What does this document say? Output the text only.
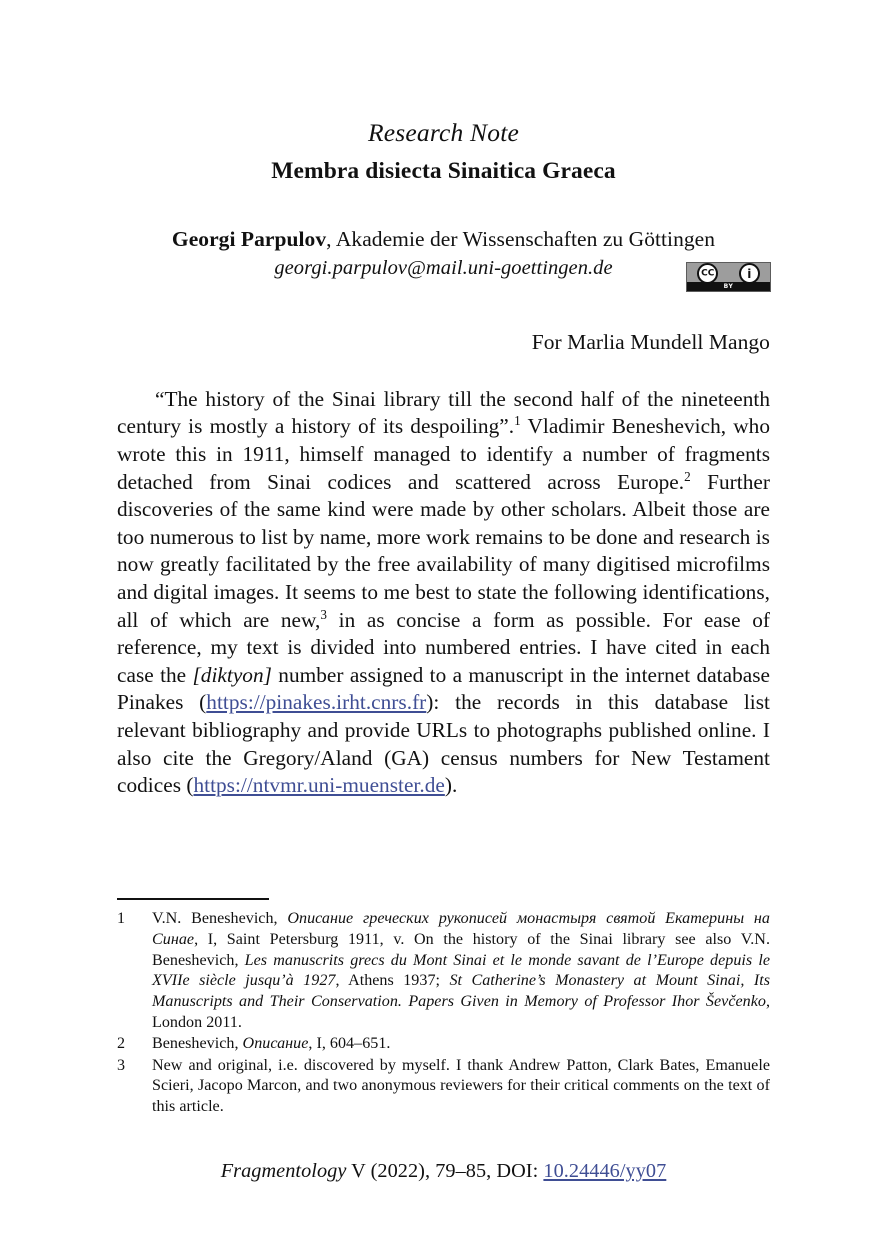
Research Note
Membra disiecta Sinaitica Graeca
Georgi Parpulov, Akademie der Wissenschaften zu Göttingen
georgi.parpulov@mail.uni-goettingen.de	CC	i
BY
For Marlia Mundell Mango

“The history of the Sinai library till the second half of the nineteenth century is mostly a history of its despoiling”.$^1$ Vladimir Beneshevich, who wrote this in 1911, himself managed to identify a number of fragments detached from Sinai codices and scattered across Europe.$^2$ Further discoveries of the same kind were made by other scholars. Albeit those are too numerous to list by name, more work remains to be done and research is now greatly facilitated by the free availability of many digitised microfilms and digital images. It seems to me best to state the following identifications, all of which are new,$^3$ in as concise a form as possible. For ease of reference, my text is divided into numbered entries. I have cited in each case the [diktyon] number assigned to a manuscript in the internet database Pinakes (https://pinakes.irht.cnrs.fr): the records in this database list relevant bibliography and provide URLs to photographs published online. I also cite the Gregory/Aland (GA) census numbers for New Testament codices (https://ntvmr.uni-muenster.de).

1	V.N. Beneshevich, Описание греческих рукописей монастыря святой Екатерины на Синае, I, Saint Petersburg 1911, v. On the history of the Sinai library see also V.N. Beneshevich, Les manuscrits grecs du Mont Sinai et le monde savant de l’Europe depuis le XVIIe siècle jusqu’à 1927, Athens 1937; St Catherine’s Monastery at Mount Sinai, Its Manuscripts and Their Conservation. Papers Given in Memory of Professor Ihor Ševčenko, London 2011.
2	Beneshevich, Описание, I, 604–651.
3	New and original, i.e. discovered by myself. I thank Andrew Patton, Clark Bates, Emanuele Scieri, Jacopo Marcon, and two anonymous reviewers for their critical comments on the text of this article.
Fragmentology V (2022), 79–85, DOI: 10.24446/yy07
